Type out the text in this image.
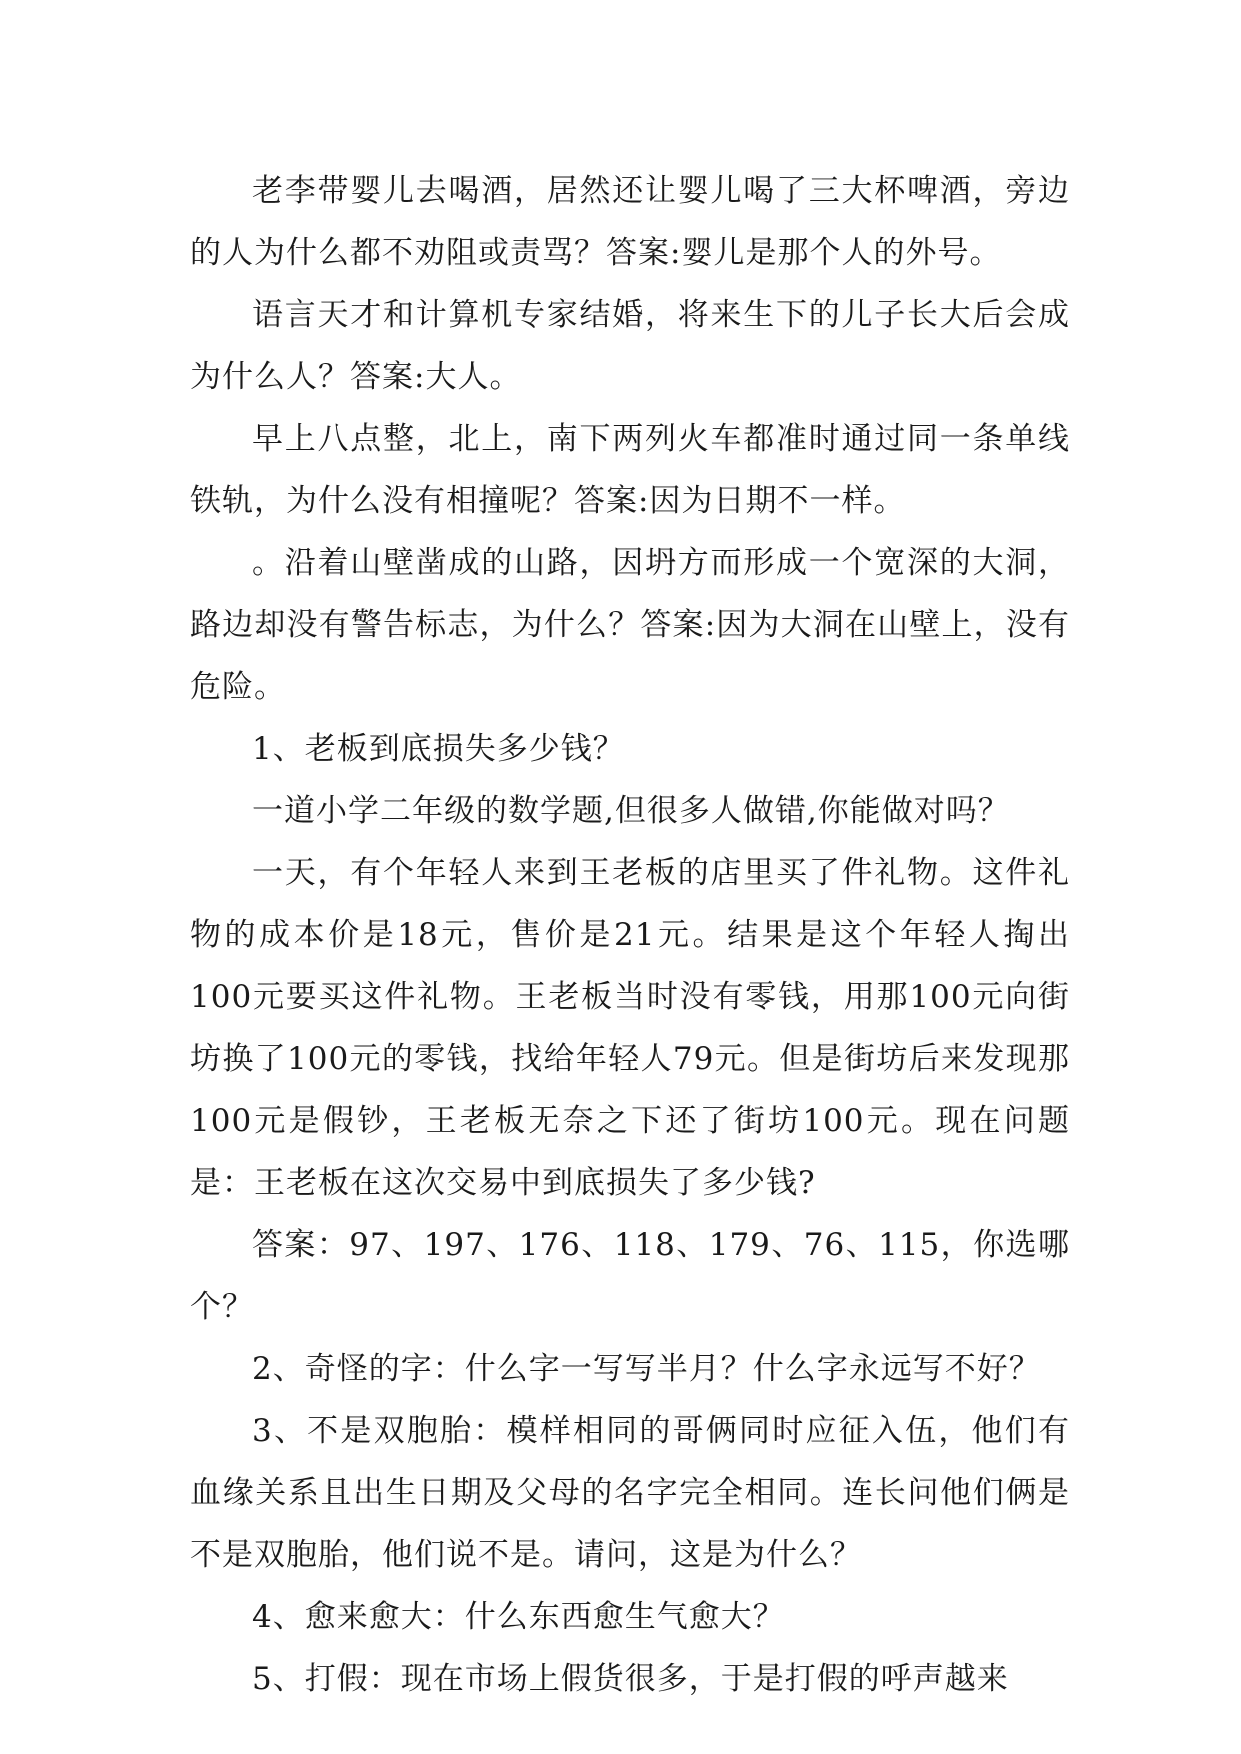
老李带婴儿去喝酒，居然还让婴儿喝了三大杯啤酒，旁边的人为什么都不劝阻或责骂？答案:婴儿是那个人的外号。

语言天才和计算机专家结婚，将来生下的儿子长大后会成为什么人？答案:大人。

早上八点整，北上，南下两列火车都准时通过同一条单线铁轨，为什么没有相撞呢？答案:因为日期不一样。

。沿着山壁凿成的山路，因坍方而形成一个宽深的大洞，路边却没有警告标志，为什么？答案:因为大洞在山壁上，没有危险。

1、老板到底损失多少钱？

一道小学二年级的数学题,但很多人做错,你能做对吗？

一天，有个年轻人来到王老板的店里买了件礼物。这件礼物的成本价是18元，售价是21元。结果是这个年轻人掏出100元要买这件礼物。王老板当时没有零钱，用那100元向街坊换了100元的零钱，找给年轻人79元。但是街坊后来发现那100元是假钞，王老板无奈之下还了街坊100元。现在问题是：王老板在这次交易中到底损失了多少钱?

答案：97、197、176、118、179、76、115，你选哪个？

2、奇怪的字：什么字一写写半月？什么字永远写不好？

3、不是双胞胎：模样相同的哥俩同时应征入伍，他们有血缘关系且出生日期及父母的名字完全相同。连长问他们俩是不是双胞胎，他们说不是。请问，这是为什么？

4、愈来愈大：什么东西愈生气愈大？

5、打假：现在市场上假货很多，于是打假的呼声越来
